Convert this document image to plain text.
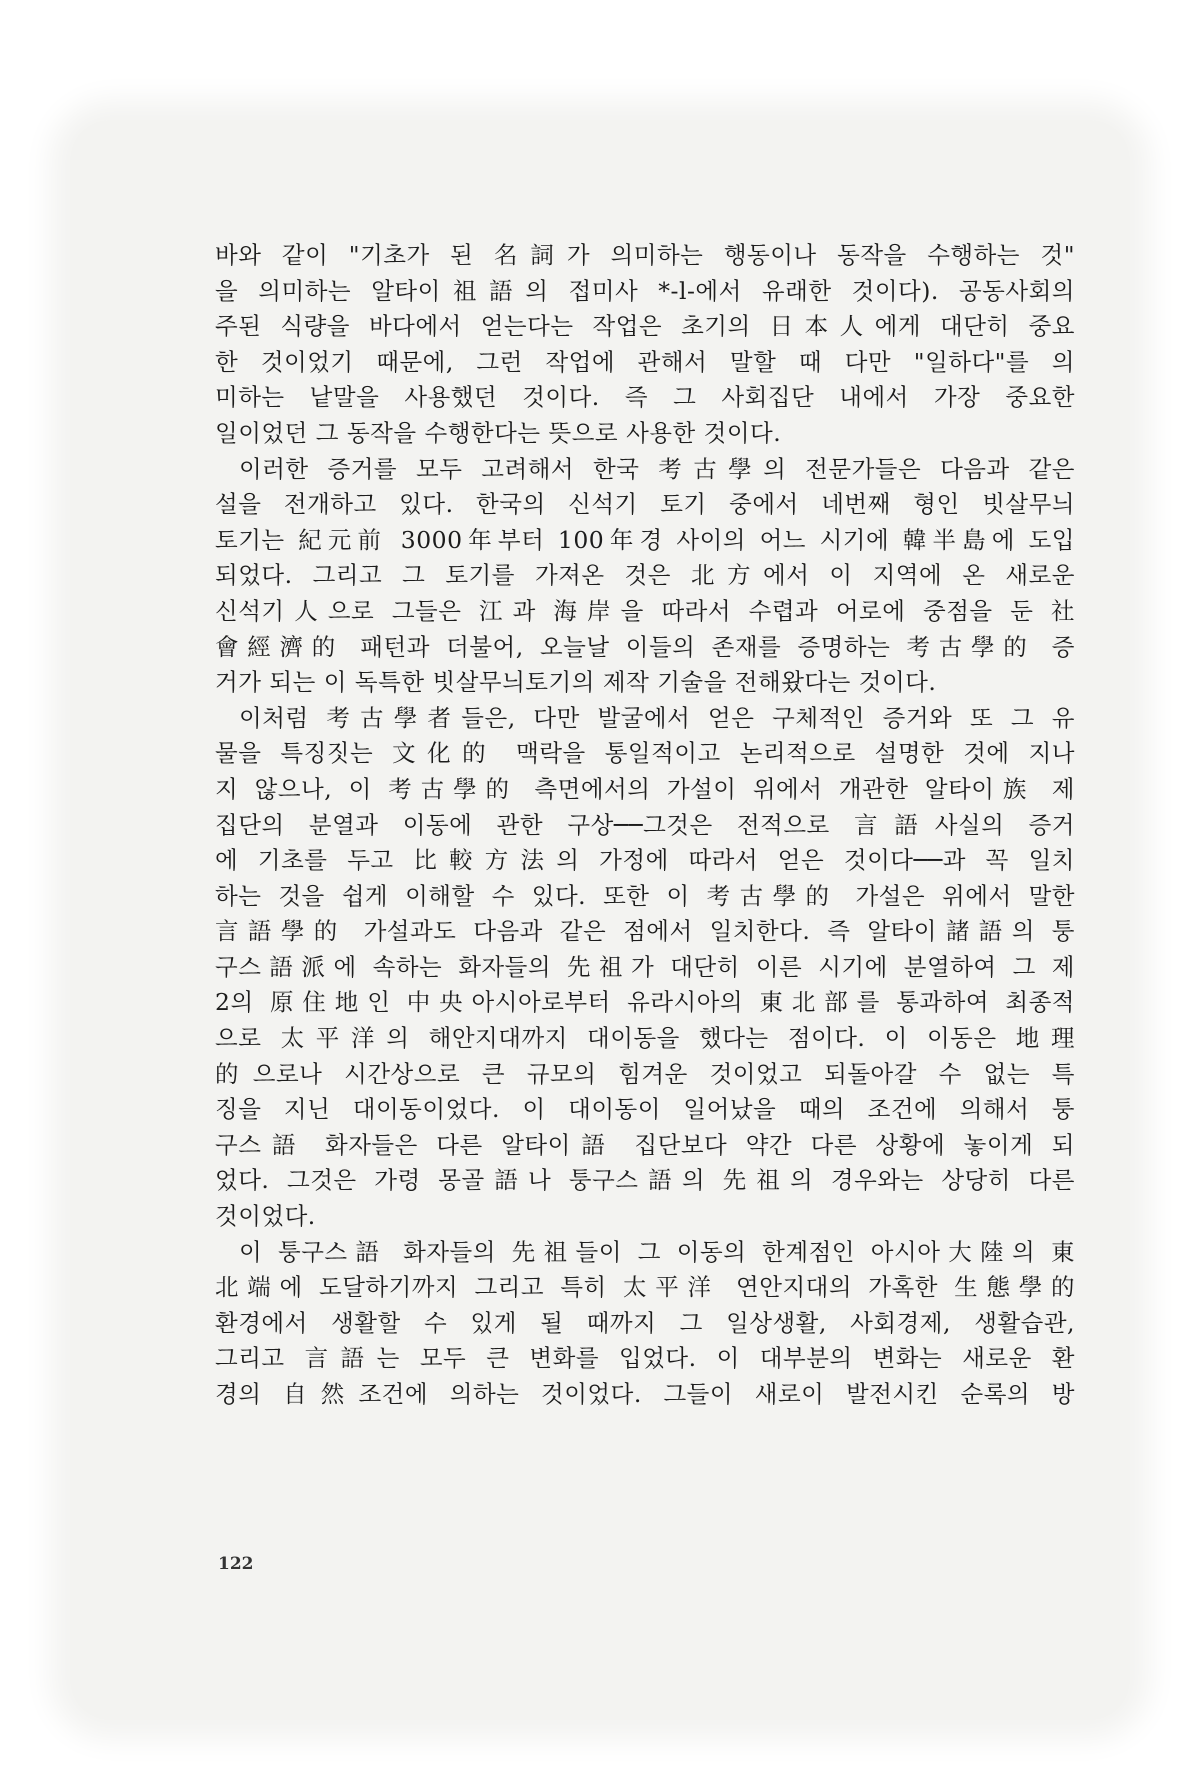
바와 같이 "기초가 된 名詞가 의미하는 행동이나 동작을 수행하는 것"
을 의미하는 알타이祖語의 접미사 *-l-에서 유래한 것이다). 공동사회의
주된 식량을 바다에서 얻는다는 작업은 초기의 日本人에게 대단히 중요
한 것이었기 때문에, 그런 작업에 관해서 말할 때 다만 "일하다"를 의
미하는 낱말을 사용했던 것이다. 즉 그 사회집단 내에서 가장 중요한
일이었던 그 동작을 수행한다는 뜻으로 사용한 것이다.
이러한 증거를 모두 고려해서 한국 考古學의 전문가들은 다음과 같은
설을 전개하고 있다. 한국의 신석기 토기 중에서 네번째 형인 빗살무늬
토기는 紀元前 3000年부터 100年경 사이의 어느 시기에 韓半島에 도입
되었다. 그리고 그 토기를 가져온 것은 北方에서 이 지역에 온 새로운
신석기人으로 그들은 江과 海岸을 따라서 수렵과 어로에 중점을 둔 社
會經濟的 패턴과 더불어, 오늘날 이들의 존재를 증명하는 考古學的 증
거가 되는 이 독특한 빗살무늬토기의 제작 기술을 전해왔다는 것이다.
이처럼 考古學者들은, 다만 발굴에서 얻은 구체적인 증거와 또 그 유
물을 특징짓는 文化的 맥락을 통일적이고 논리적으로 설명한 것에 지나
지 않으나, 이 考古學的 측면에서의 가설이 위에서 개관한 알타이族 제
집단의 분열과 이동에 관한 구상──그것은 전적으로 言語사실의 증거
에 기초를 두고 比較方法의 가정에 따라서 얻은 것이다──과 꼭 일치
하는 것을 쉽게 이해할 수 있다. 또한 이 考古學的 가설은 위에서 말한
言語學的 가설과도 다음과 같은 점에서 일치한다. 즉 알타이諸語의 퉁
구스語派에 속하는 화자들의 先祖가 대단히 이른 시기에 분열하여 그 제
2의 原住地인 中央아시아로부터 유라시아의 東北部를 통과하여 최종적
으로 太平洋의 해안지대까지 대이동을 했다는 점이다. 이 이동은 地理
的으로나 시간상으로 큰 규모의 힘겨운 것이었고 되돌아갈 수 없는 특
징을 지닌 대이동이었다. 이 대이동이 일어났을 때의 조건에 의해서 퉁
구스語 화자들은 다른 알타이語 집단보다 약간 다른 상황에 놓이게 되
었다. 그것은 가령 몽골語나 퉁구스語의 先祖의 경우와는 상당히 다른
것이었다.
이 퉁구스語 화자들의 先祖들이 그 이동의 한계점인 아시아大陸의 東
北端에 도달하기까지 그리고 특히 太平洋 연안지대의 가혹한 生態學的
환경에서 생활할 수 있게 될 때까지 그 일상생활, 사회경제, 생활습관,
그리고 言語는 모두 큰 변화를 입었다. 이 대부분의 변화는 새로운 환
경의 自然조건에 의하는 것이었다. 그들이 새로이 발전시킨 순록의 방
122
